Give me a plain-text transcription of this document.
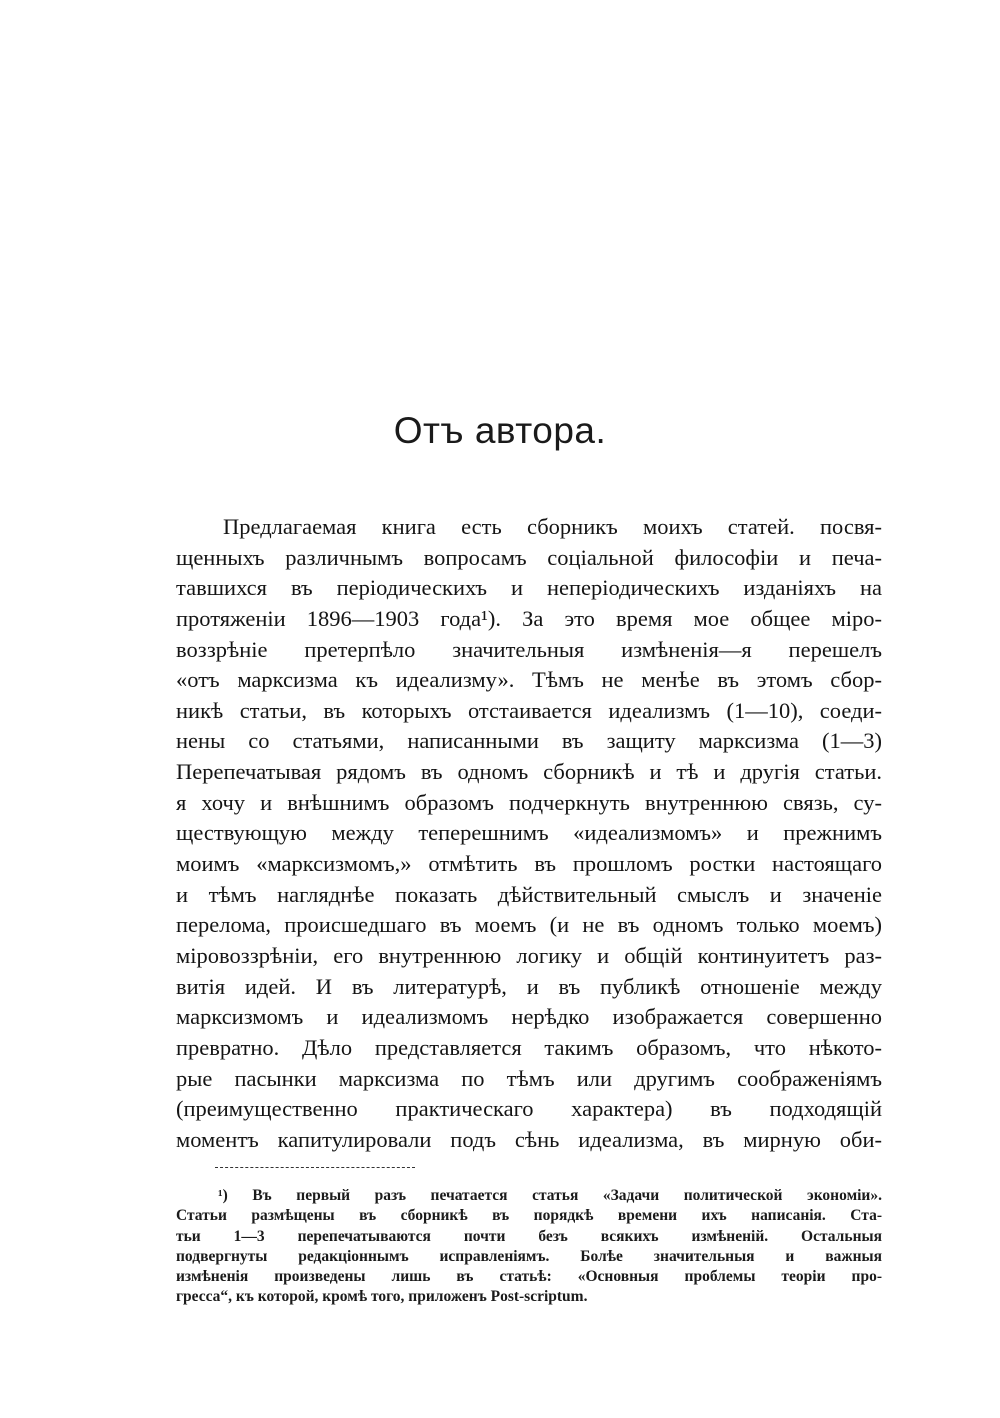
Отъ автора.
Предлагаемая книга есть сборникъ моихъ статей. посвя-
щенныхъ различнымъ вопросамъ соціальной философіи и печа-
тавшихся въ періодическихъ и непеpіодическихъ изданіяхъ на
протяженіи 1896—1903 года¹). За это время мое общее міро-
воззрѣніе претерпѣло значительныя измѣненія—я перешелъ
«отъ марксизма къ идеализму». Тѣмъ не менѣе въ этомъ сбор-
никѣ статьи, въ которыхъ отстаивается идеализмъ (1—10), соеди-
нены со статьями, написанными въ защиту марксизма (1—3)
Перепечатывая рядомъ въ одномъ сборникѣ и тѣ и другія статьи.
я хочу и внѣшнимъ образомъ подчеркнуть внутреннюю связь, су-
ществующую между теперешнимъ «идеализмомъ» и прежнимъ
моимъ «марксизмомъ,» отмѣтить въ прошломъ ростки настоящаго
и тѣмъ нагляднѣе показать дѣйствительный смыслъ и значеніе
перелома, происшедшаго въ моемъ (и не въ одномъ только моемъ)
міровоззрѣніи, его внутреннюю логику и общій континуитетъ раз-
витія идей. И въ литературѣ, и въ публикѣ отношеніе между
марксизмомъ и идеализмомъ нерѣдко изображается совершенно
превратно. Дѣло представляется такимъ образомъ, что нѣкото-
рые пасынки марксизма по тѣмъ или другимъ соображеніямъ
(преимущественно практическаго характера) въ подходящій
моментъ капитулировали подъ сѣнь идеализма, въ мирную оби-
¹) Въ первый разъ печатается статья «Задачи политической экономіи».
Статьи размѣщены въ сборникѣ въ порядкѣ времени ихъ написанія. Ста-
тьи 1—3 перепечатываются почти безъ всякихъ измѣненій. Остальныя
подвергнуты редакціоннымъ исправленіямъ. Болѣе значительныя и важныя
измѣненія произведены лишь въ статьѣ: «Основныя проблемы теоріи про-
гресса“, къ которой, кромѣ того, приложенъ Post-scriptum.
